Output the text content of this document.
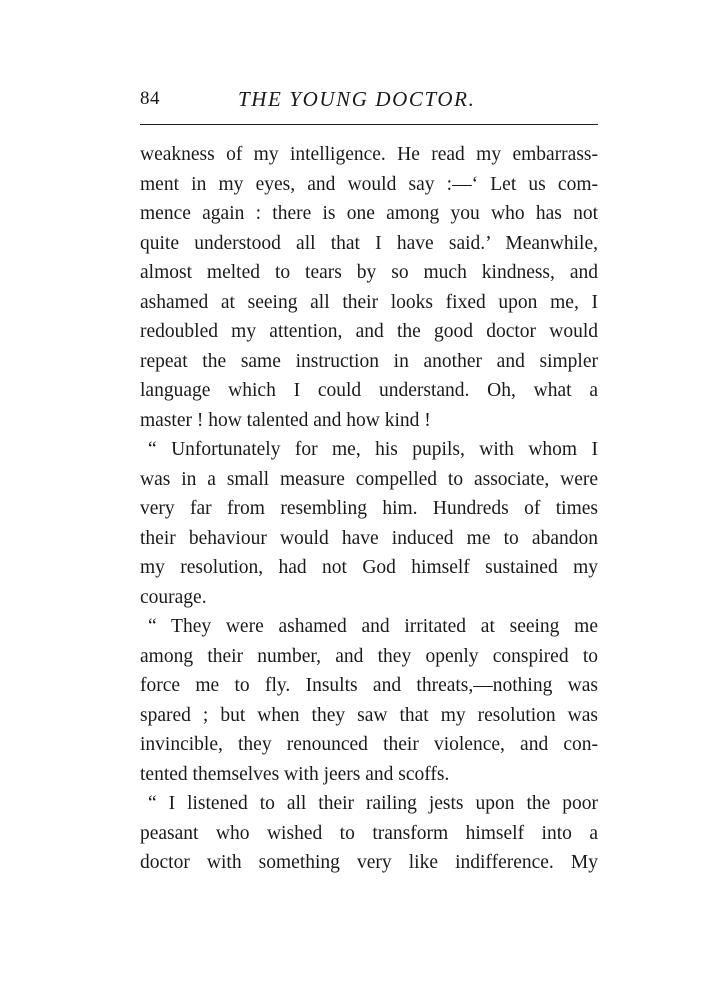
84	THE YOUNG DOCTOR.
weakness of my intelligence. He read my embarrass-
ment in my eyes, and would say :—‘ Let us com-
mence again : there is one among you who has not
quite understood all that I have said.’ Meanwhile,
almost melted to tears by so much kindness, and
ashamed at seeing all their looks fixed upon me, I
redoubled my attention, and the good doctor would
repeat the same instruction in another and simpler
language which I could understand. Oh, what a
master ! how talented and how kind !
“ Unfortunately for me, his pupils, with whom I
was in a small measure compelled to associate, were
very far from resembling him. Hundreds of times
their behaviour would have induced me to abandon
my resolution, had not God himself sustained my
courage.
“ They were ashamed and irritated at seeing me
among their number, and they openly conspired to
force me to fly. Insults and threats,—nothing was
spared ; but when they saw that my resolution was
invincible, they renounced their violence, and con-
tented themselves with jeers and scoffs.
“ I listened to all their railing jests upon the poor
peasant who wished to transform himself into a
doctor with something very like indifference. My
